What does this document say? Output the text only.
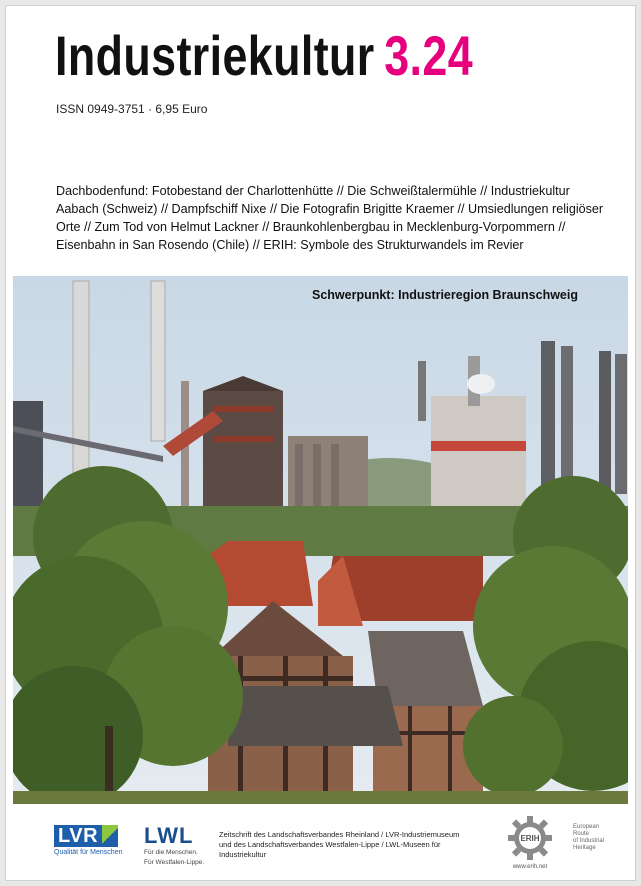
Industriekultur 3.24
ISSN 0949-3751 · 6,95 Euro
Dachbodenfund: Fotobestand der Charlottenhütte // Die Schweißtalermühle // Industriekultur Aabach (Schweiz) // Dampfschiff Nixe // Die Fotografin Brigitte Kraemer // Umsiedlungen religiöser Orte // Zum Tod von Helmut Lackner // Braunkohlenbergbau in Mecklenburg-Vorpommern // Eisenbahn in San Rosendo (Chile) // ERIH: Symbole des Strukturwandels im Revier
Schwerpunkt: Industrieregion Braunschweig
LVR
Qualität für Menschen
LWL
Für die Menschen.
Für Westfalen-Lippe.
Zeitschrift des Landschaftsverbandes Rheinland / LVR-Industriemuseum
und des Landschaftsverbandes Westfalen-Lippe / LWL-Museen für Industriekultur
ERIH
www.erih.net
European
Route
of Industrial
Heritage
